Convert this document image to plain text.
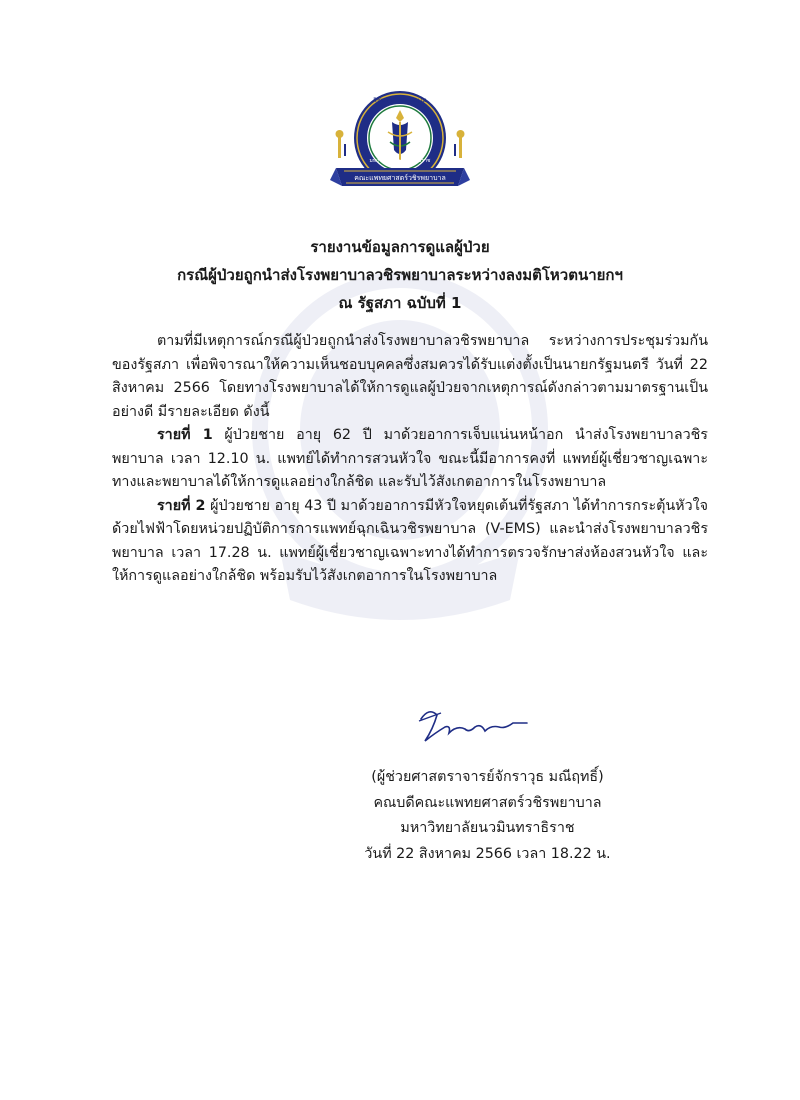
วิชชา ปุริสสะ เสนฺโม
มหาวิทยาลัยนวมินทราธิราช
คณะแพทยศาสตร์วชิรพยาบาล
รายงานข้อมูลการดูแลผู้ป่วย
กรณีผู้ป่วยถูกนำส่งโรงพยาบาลวชิรพยาบาลระหว่างลงมติโหวตนายกฯ
ณ รัฐสภา ฉบับที่ 1

ตามที่มีเหตุการณ์กรณีผู้ป่วยถูกนำส่งโรงพยาบาลวชิรพยาบาล ระหว่างการประชุมร่วมกันของรัฐสภา เพื่อพิจารณาให้ความเห็นชอบบุคคลซึ่งสมควรได้รับแต่งตั้งเป็นนายกรัฐมนตรี วันที่ 22 สิงหาคม 2566 โดยทางโรงพยาบาลได้ให้การดูแลผู้ป่วยจากเหตุการณ์ดังกล่าวตามมาตรฐานเป็นอย่างดี มีรายละเอียด ดังนี้

รายที่ 1 ผู้ป่วยชาย อายุ 62 ปี มาด้วยอาการเจ็บแน่นหน้าอก นำส่งโรงพยาบาลวชิรพยาบาล เวลา 12.10 น. แพทย์ได้ทำการสวนหัวใจ ขณะนี้มีอาการคงที่ แพทย์ผู้เชี่ยวชาญเฉพาะทางและพยาบาลได้ให้การดูแลอย่างใกล้ชิด และรับไว้สังเกตอาการในโรงพยาบาล

รายที่ 2 ผู้ป่วยชาย อายุ 43 ปี มาด้วยอาการมีหัวใจหยุดเต้นที่รัฐสภา ได้ทำการกระตุ้นหัวใจด้วยไฟฟ้าโดยหน่วยปฏิบัติการการแพทย์ฉุกเฉินวชิรพยาบาล (V-EMS) และนำส่งโรงพยาบาลวชิรพยาบาล เวลา 17.28 น. แพทย์ผู้เชี่ยวชาญเฉพาะทางได้ทำการตรวจรักษาส่งห้องสวนหัวใจ และให้การดูแลอย่างใกล้ชิด พร้อมรับไว้สังเกตอาการในโรงพยาบาล

(ผู้ช่วยศาสตราจารย์จักราวุธ มณีฤทธิ์)
คณบดีคณะแพทยศาสตร์วชิรพยาบาล
มหาวิทยาลัยนวมินทราธิราช
วันที่ 22 สิงหาคม 2566 เวลา 18.22 น.
